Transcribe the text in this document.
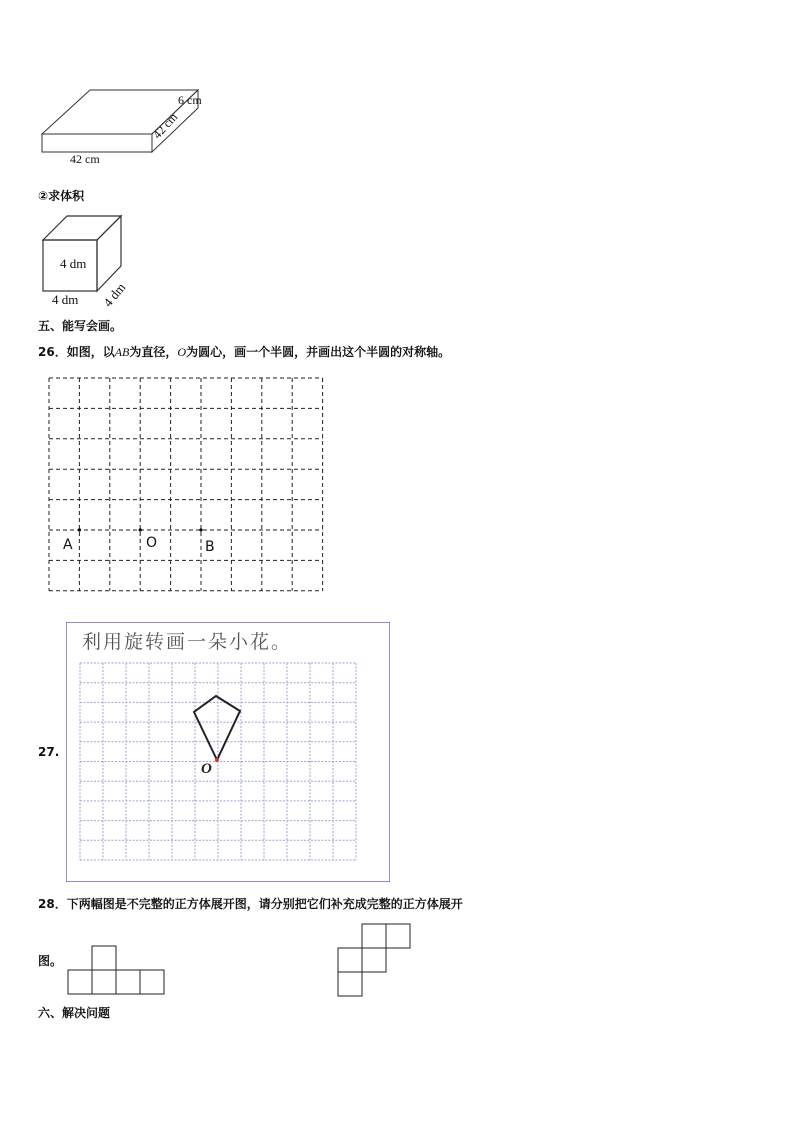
6 cm
42 cm
42 cm
②求体积
4 dm
4 dm 4 dm
五、能写会画。
26．如图，以AB为直径，O为圆心，画一个半圆，并画出这个半圆的对称轴。
A	O	B
27.
利用旋转画一朵小花。
O
28．下两幅图是不完整的正方体展开图，请分别把它们补充成完整的正方体展开
图。
六、解决问题
